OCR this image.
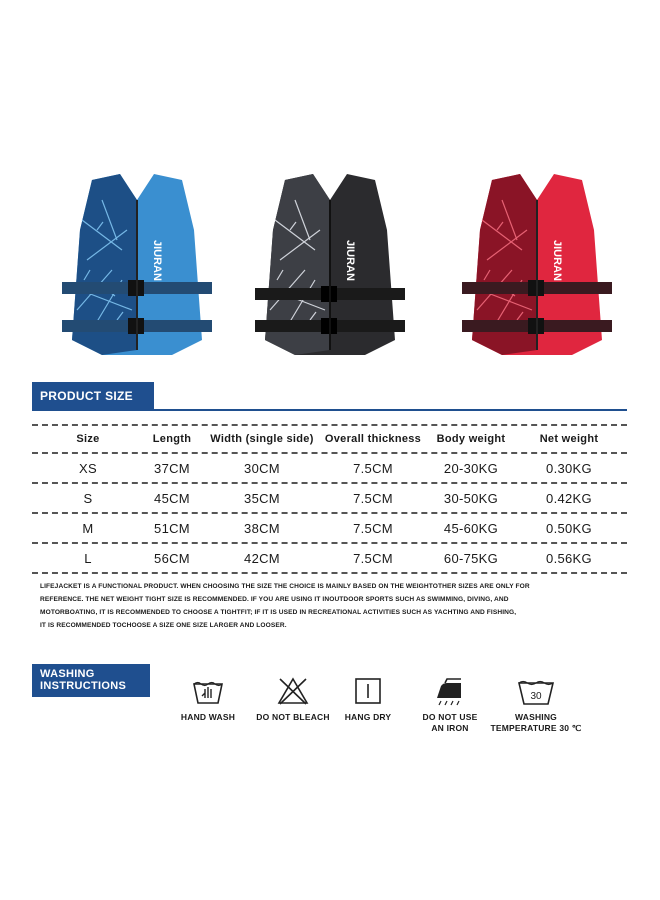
JIURAN	JIURAN	JIURAN
PRODUCT SIZE
Size	Length	Width (single side)	Overall thickness	Body weight	Net weight
XS	37CM	30CM	7.5CM	20-30KG	0.30KG
S	45CM	35CM	7.5CM	30-50KG	0.42KG
M	51CM	38CM	7.5CM	45-60KG	0.50KG
L	56CM	42CM	7.5CM	60-75KG	0.56KG
LIFEJACKET IS A FUNCTIONAL PRODUCT. WHEN CHOOSING THE SIZE THE CHOICE IS MAINLY BASED ON THE WEIGHTOTHER SIZES ARE ONLY FOR
REFERENCE. THE NET WEIGHT TIGHT SIZE IS RECOMMENDED. IF YOU ARE USING IT INOUTDOOR SPORTS SUCH AS SWIMMING, DIVING, AND
MOTORBOATING, IT IS RECOMMENDED TO CHOOSE A TIGHTFIT; IF IT IS USED IN RECREATIONAL ACTIVITIES SUCH AS YACHTING AND FISHING,
IT IS RECOMMENDED TOCHOOSE A SIZE ONE SIZE LARGER AND LOOSER.
WASHING
INSTRUCTIONS
HAND WASH	DO NOT BLEACH	HANG DRY	DO NOT USE
AN IRON
30
WASHING
TEMPERATURE 30 ℃
